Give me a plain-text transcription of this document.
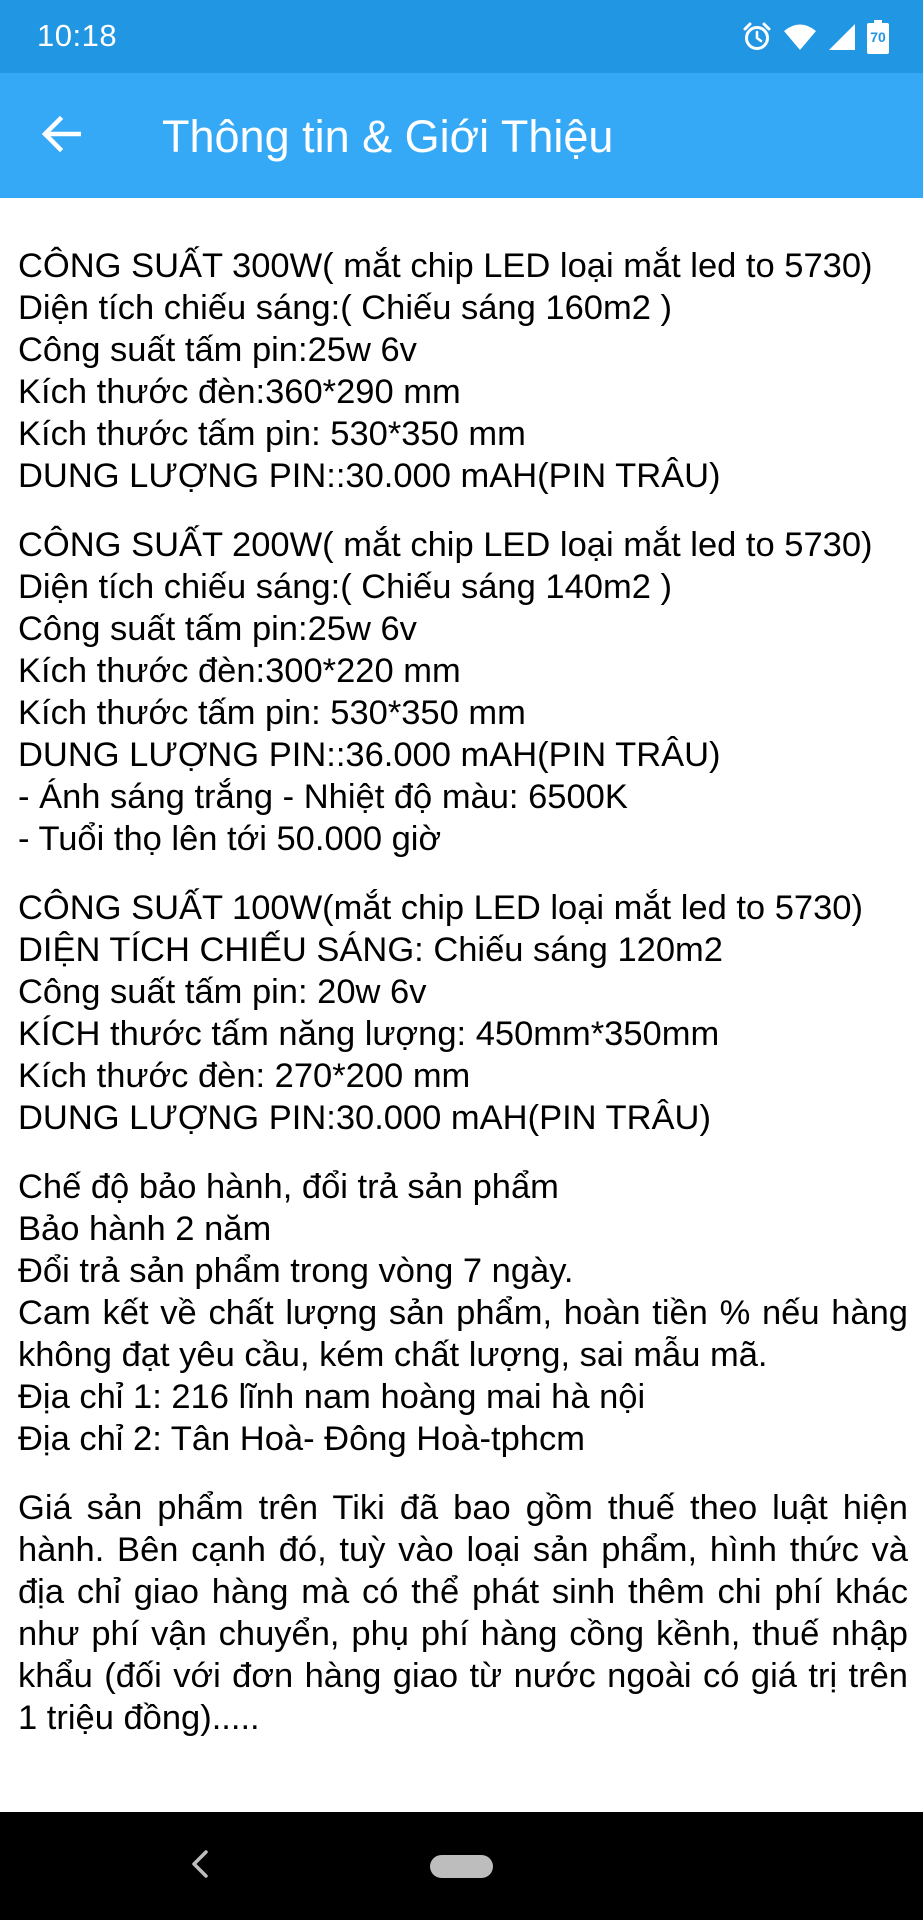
10:18	70
Thông tin & Giới Thiệu
CÔNG SUẤT 300W( mắt chip LED loại mắt led to 5730)
Diện tích chiếu sáng:( Chiếu sáng 160m2 )
Công suất tấm pin:25w 6v
Kích thước đèn:360*290 mm
Kích thước tấm pin: 530*350 mm
DUNG LƯỢNG PIN::30.000 mAH(PIN TRÂU)
CÔNG SUẤT 200W( mắt chip LED loại mắt led to 5730)
Diện tích chiếu sáng:( Chiếu sáng 140m2 )
Công suất tấm pin:25w 6v
Kích thước đèn:300*220 mm
Kích thước tấm pin: 530*350 mm
DUNG LƯỢNG PIN::36.000 mAH(PIN TRÂU)
- Ánh sáng trắng - Nhiệt độ màu: 6500K
- Tuổi thọ lên tới 50.000 giờ
CÔNG SUẤT 100W(mắt chip LED loại mắt led to 5730)
DIỆN TÍCH CHIẾU SÁNG: Chiếu sáng 120m2
Công suất tấm pin: 20w 6v
KÍCH thước tấm năng lượng: 450mm*350mm
Kích thước đèn: 270*200 mm
DUNG LƯỢNG PIN:30.000 mAH(PIN TRÂU)
Chế độ bảo hành, đổi trả sản phẩm
Bảo hành 2 năm
Đổi trả sản phẩm trong vòng 7 ngày.

Cam kết về chất lượng sản phẩm, hoàn tiền % nếu hàng không đạt yêu cầu, kém chất lượng, sai mẫu mã.

Địa chỉ 1: 216 lĩnh nam hoàng mai hà nội
Địa chỉ 2: Tân Hoà- Đông Hoà-tphcm

Giá sản phẩm trên Tiki đã bao gồm thuế theo luật hiện hành. Bên cạnh đó, tuỳ vào loại sản phẩm, hình thức và địa chỉ giao hàng mà có thể phát sinh thêm chi phí khác như phí vận chuyển, phụ phí hàng cồng kềnh, thuế nhập khẩu (đối với đơn hàng giao từ nước ngoài có giá trị trên 1 triệu đồng).....
